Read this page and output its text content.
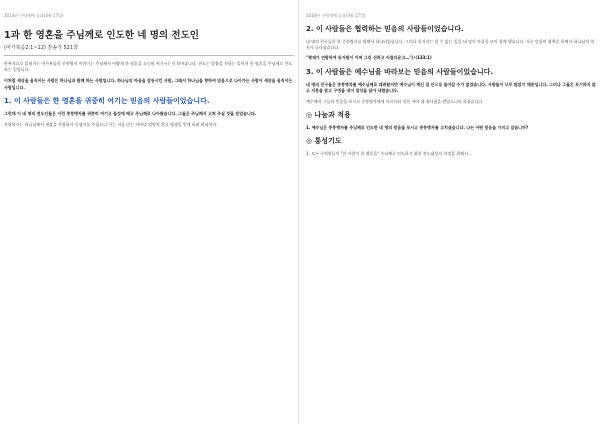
2014년 구역예배 공과(3월 17일)
1과 한 영혼을 주님께로 인도한 네 명의 전도인
(마가복음2:1~12) 찬송가 521장
반복적으로 읽혀지는 마가복음의 중풍병자 이야기는 주님께서 어떻게 한 영혼을 소중히 여기시는지 보여줍니다. 전도는 말씀을 전하는 일이며 한 영혼을 주님께로 인도하는 일입니다.
이처럼 세상을 움직이는 사람은 하나님과 함께 하는 사람입니다. 하나님의 마음을 감동시킨 사람, 그래서 하나님을 향하여 믿음으로 나아가는 사람이 세상을 움직이는 사람입니다.
1. 이 사람들은 한 영혼을 귀중히 여기는 믿음의 사람들이었습니다.
그런데 이 네 명의 전도인들은 이런 중풍병자를 귀중히 여기고 들것에 메고 주님께로 나아왔습니다. 그들은 주님께서 고쳐 주실 것을 믿었습니다.
사랑하시는 하나님께서 세상을 사랑하사 독생자를 주셨으니 이는 저를 믿는 자마다 멸망치 않고 영생을 얻게 하려 하심이라.
2014년 구역예배 공과(3월 17일)
2. 이 사람들은 협력하는 믿음의 사람들이었습니다.
네 명의 친구들은 한 중풍병자를 위해서 하나되었습니다. 그러나 혼자서는 할 수 없는 일을 네 명이 마음을 모아 함께 했습니다. 서로 믿음의 협력을 통해서 하나님의 역사가 나타났습니다.
"형제가 연합하여 동거함이 어찌 그리 선하고 아름다운고…"(시133:1)
3. 이 사람들은 예수님을 바라보는 믿음의 사람들이었습니다.
네 명의 친구들은 중풍병자를 예수님께로 데려왔지만 예수님이 계신 집 안으로 들어갈 수가 없었습니다. 사람들이 너무 많았기 때문입니다. 그러나 그들은 포기하지 않고 지붕을 뜯고 구멍을 내어 침상을 달아 내렸습니다.
예수께서 그들의 믿음을 보시고 중풍병자에게 이르시되 작은 자야 네 죄사함을 받았느니라 하셨습니다.
◎ 나눔과 적용
1. 예수님은 중풍병자를 주님께로 인도한 네 명의 믿음을 보시고 중풍병자를 고치셨습니다. 나는 어떤 믿음을 가지고 있습니까?
◎ 통성기도
1. 모든 구역원들이 "한 사람이 한 영혼을" 주님께로 인도하기 위한 전도대상자 작정을 위해서…
